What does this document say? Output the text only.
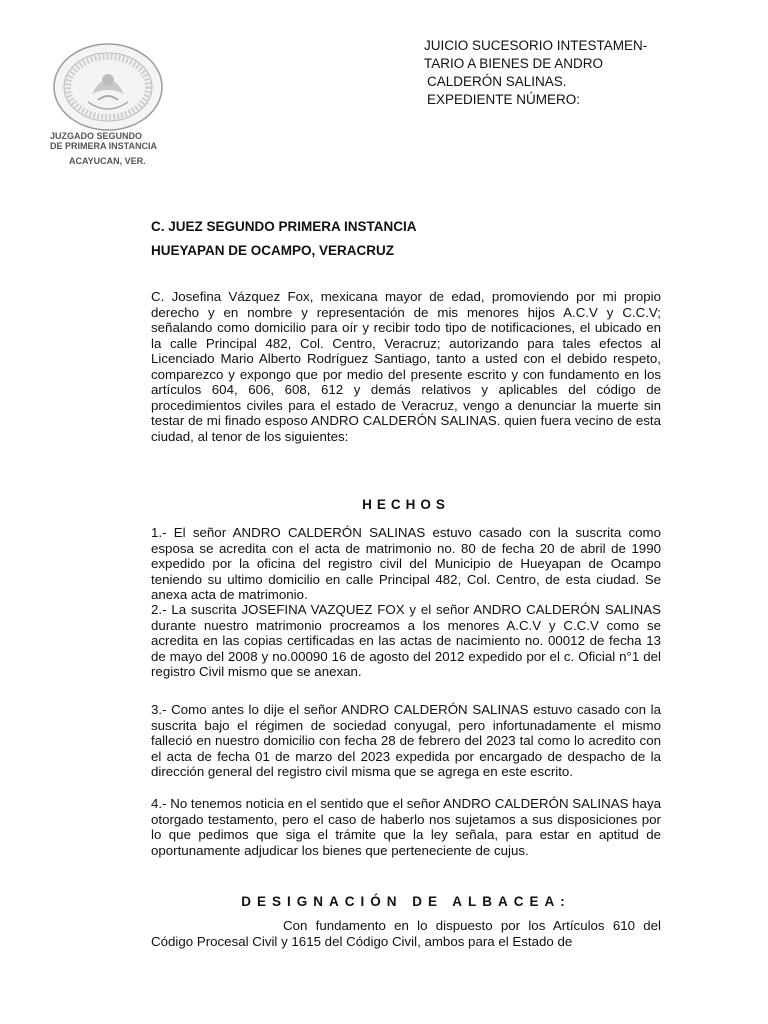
JUZGADO SEGUNDO
DE PRIMERA INSTANCIA
ACAYUCAN, VER.
JUICIO SUCESORIO INTESTAMEN-
TARIO A BIENES DE ANDRO
CALDERÓN SALINAS.
EXPEDIENTE NÚMERO:
C. JUEZ SEGUNDO PRIMERA INSTANCIA
HUEYAPAN DE OCAMPO, VERACRUZ
C. Josefina Vázquez Fox, mexicana mayor de edad, promoviendo por mi propio derecho y en nombre y representación de mis menores hijos A.C.V y C.C.V; señalando como domicilio para oír y recibir todo tipo de notificaciones, el ubicado en la calle Principal 482, Col. Centro, Veracruz; autorizando para tales efectos al Licenciado Mario Alberto Rodríguez Santiago, tanto a usted con el debido respeto, comparezco y expongo que por medio del presente escrito y con fundamento en los artículos 604, 606, 608, 612 y demás relativos y aplicables del código de procedimientos civiles para el estado de Veracruz, vengo a denunciar la muerte sin testar de mi finado esposo ANDRO CALDERÓN SALINAS. quien fuera vecino de esta ciudad, al tenor de los siguientes:
HECHOS
1.- El señor ANDRO CALDERÓN SALINAS estuvo casado con la suscrita como esposa se acredita con el acta de matrimonio no. 80 de fecha 20 de abril de 1990 expedido por la oficina del registro civil del Municipio de Hueyapan de Ocampo teniendo su ultimo domicilio en calle Principal 482, Col. Centro, de esta ciudad. Se anexa acta de matrimonio.
2.- La suscrita JOSEFINA VAZQUEZ FOX y el señor ANDRO CALDERÓN SALINAS durante nuestro matrimonio procreamos a los menores A.C.V y C.C.V como se acredita en las copias certificadas en las actas de nacimiento no. 00012 de fecha 13 de mayo del 2008 y no.00090 16 de agosto del 2012 expedido por el c. Oficial n°1 del registro Civil mismo que se anexan.
3.- Como antes lo dije el señor ANDRO CALDERÓN SALINAS estuvo casado con la suscrita bajo el régimen de sociedad conyugal, pero infortunadamente el mismo falleció en nuestro domicilio con fecha 28 de febrero del 2023 tal como lo acredito con el acta de fecha 01 de marzo del 2023 expedida por encargado de despacho de la dirección general del registro civil misma que se agrega en este escrito.
4.- No tenemos noticia en el sentido que el señor ANDRO CALDERÓN SALINAS haya otorgado testamento, pero el caso de haberlo nos sujetamos a sus disposiciones por lo que pedimos que siga el trámite que la ley señala, para estar en aptitud de oportunamente adjudicar los bienes que perteneciente de cujus.
DESIGNACIÓN DE ALBACEA:
Con fundamento en lo dispuesto por los Artículos 610 del Código Procesal Civil y 1615 del Código Civil, ambos para el Estado de
